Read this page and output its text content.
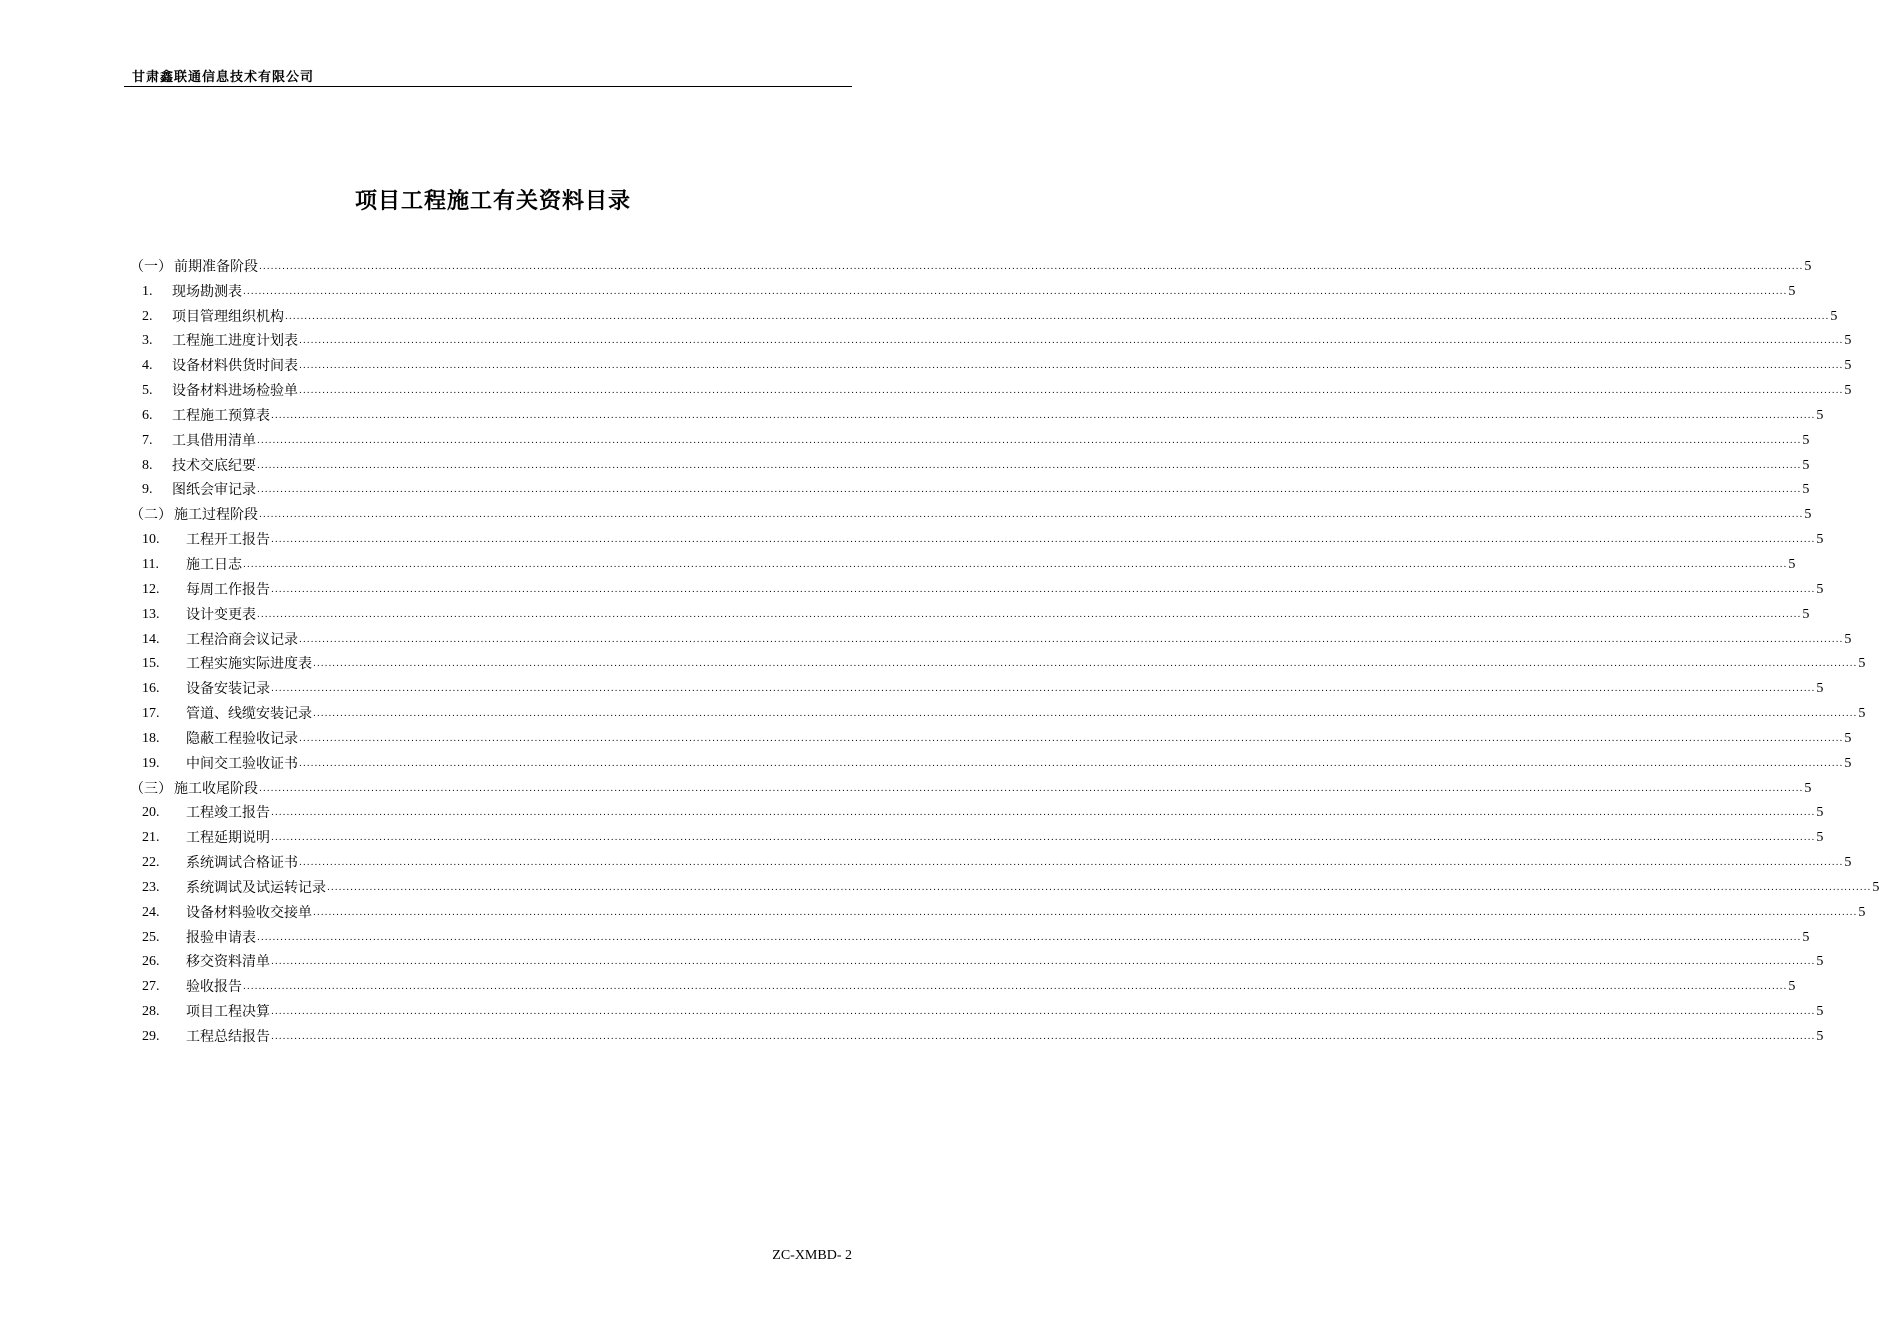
甘肃鑫联通信息技术有限公司
项目工程施工有关资料目录
（一） 前期准备阶段 ................................................................................................................................................................................................................................................................................................................................................................................................................ 5
1.	现场勘测表 ................................................................................................................................................................................................................................................................................................................................................................................................................ 5
2.	项目管理组织机构 ................................................................................................................................................................................................................................................................................................................................................................................................................ 5
3.	工程施工进度计划表 ................................................................................................................................................................................................................................................................................................................................................................................................................ 5
4.	设备材料供货时间表 ................................................................................................................................................................................................................................................................................................................................................................................................................ 5
5.	设备材料进场检验单 ................................................................................................................................................................................................................................................................................................................................................................................................................ 5
6.	工程施工预算表 ................................................................................................................................................................................................................................................................................................................................................................................................................ 5
7.	工具借用清单 ................................................................................................................................................................................................................................................................................................................................................................................................................ 5
8.	技术交底纪要 ................................................................................................................................................................................................................................................................................................................................................................................................................ 5
9.	图纸会审记录 ................................................................................................................................................................................................................................................................................................................................................................................................................ 5
（二） 施工过程阶段 ................................................................................................................................................................................................................................................................................................................................................................................................................ 5
10.	工程开工报告 ................................................................................................................................................................................................................................................................................................................................................................................................................ 5
11.	施工日志 ................................................................................................................................................................................................................................................................................................................................................................................................................ 5
12.	每周工作报告 ................................................................................................................................................................................................................................................................................................................................................................................................................ 5
13.	设计变更表 ................................................................................................................................................................................................................................................................................................................................................................................................................ 5
14.	工程洽商会议记录 ................................................................................................................................................................................................................................................................................................................................................................................................................ 5
15.	工程实施实际进度表 ................................................................................................................................................................................................................................................................................................................................................................................................................ 5
16.	设备安装记录 ................................................................................................................................................................................................................................................................................................................................................................................................................ 5
17.	管道、线缆安装记录 ................................................................................................................................................................................................................................................................................................................................................................................................................ 5
18.	隐蔽工程验收记录 ................................................................................................................................................................................................................................................................................................................................................................................................................ 5
19.	中间交工验收证书 ................................................................................................................................................................................................................................................................................................................................................................................................................ 5
（三） 施工收尾阶段 ................................................................................................................................................................................................................................................................................................................................................................................................................ 5
20.	工程竣工报告 ................................................................................................................................................................................................................................................................................................................................................................................................................ 5
21.	工程延期说明 ................................................................................................................................................................................................................................................................................................................................................................................................................ 5
22.	系统调试合格证书 ................................................................................................................................................................................................................................................................................................................................................................................................................ 5
23.	系统调试及试运转记录 ................................................................................................................................................................................................................................................................................................................................................................................................................ 5
24.	设备材料验收交接单 ................................................................................................................................................................................................................................................................................................................................................................................................................ 5
25.	报验申请表 ................................................................................................................................................................................................................................................................................................................................................................................................................ 5
26.	移交资料清单 ................................................................................................................................................................................................................................................................................................................................................................................................................ 5
27.	验收报告 ................................................................................................................................................................................................................................................................................................................................................................................................................ 5
28.	项目工程决算 ................................................................................................................................................................................................................................................................................................................................................................................................................ 5
29.	工程总结报告 ................................................................................................................................................................................................................................................................................................................................................................................................................ 5
ZC-XMBD- 2
